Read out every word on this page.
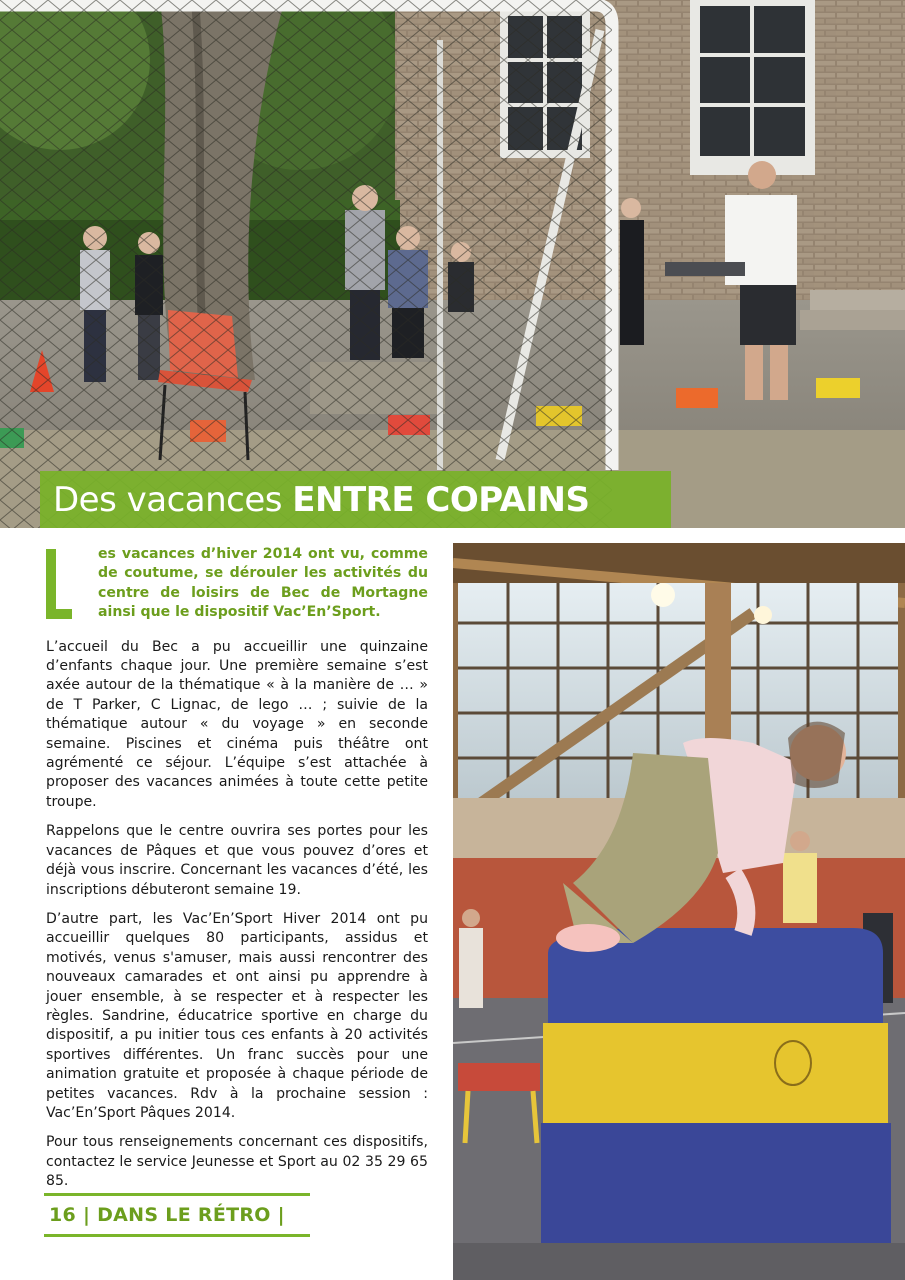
Des vacances ENTRE COPAINS
es vacances d’hiver 2014 ont vu, comme de coutume, se dérouler les activités du centre de loisirs de Bec de Mortagne ainsi que le dispositif Vac’En’Sport.

L’accueil du Bec a pu accueillir une quinzaine d’enfants chaque jour. Une première semaine s’est axée autour de la thématique « à la manière de … » de T Parker, C Lignac, de lego … ; suivie de la thématique autour « du voyage » en seconde semaine. Piscines et cinéma puis théâtre ont agrémenté ce séjour. L’équipe s’est attachée à proposer des vacances animées à toute cette petite troupe.

Rappelons que le centre ouvrira ses portes pour les vacances de Pâques et que vous pouvez d’ores et déjà vous inscrire. Concernant les vacances d’été, les inscriptions débuteront semaine 19.

D’autre part, les Vac’En’Sport Hiver 2014 ont pu accueillir quelques 80 participants, assidus et motivés, venus s'amuser, mais aussi rencontrer des nouveaux camarades et ont ainsi pu apprendre à jouer ensemble, à se respecter et à respecter les règles. Sandrine, éducatrice sportive en charge du dispositif, a pu initier tous ces enfants à 20 activités sportives différentes. Un franc succès pour une animation gratuite et proposée à chaque période de petites vacances. Rdv à la prochaine session : Vac’En’Sport Pâques 2014.

Pour tous renseignements concernant ces dispositifs, contactez le service Jeunesse et Sport au 02 35 29 65 85.

16 | DANS LE RÉTRO |
